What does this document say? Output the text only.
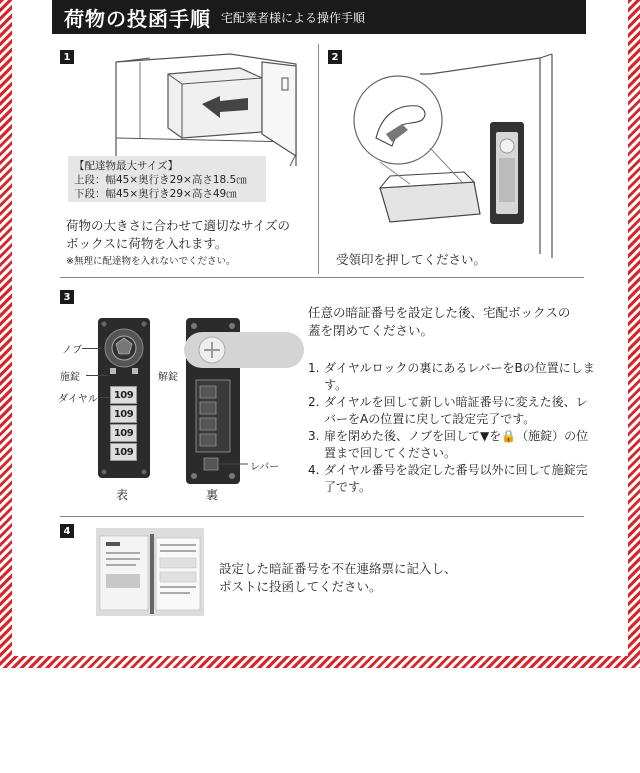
荷物の投函手順 宅配業者様による操作手順
1
【配達物最大サイズ】
上段：幅45×奥行き29×高さ18.5㎝
下段：幅45×奥行き29×高さ49㎝
荷物の大きさに合わせて適切なサイズの
ボックスに荷物を入れます。
※無理に配達物を入れないでください。
2
受領印を押してください。
3
109
109
109
109
ノブ
施錠	解錠
ダイヤル
表
レバー
裏
任意の暗証番号を設定した後、宅配ボックスの
蓋を閉めてください。
1. ダイヤルロックの裏にあるレバーをBの位置にします。
2. ダイヤルを回して新しい暗証番号に変えた後、レバーをAの位置に戻して設定完了です。
3. 扉を閉めた後、ノブを回して▼を🔒（施錠）の位置まで回してください。
4. ダイヤル番号を設定した番号以外に回して施錠完了です。
4
設定した暗証番号を不在連絡票に記入し、
ポストに投函してください。
